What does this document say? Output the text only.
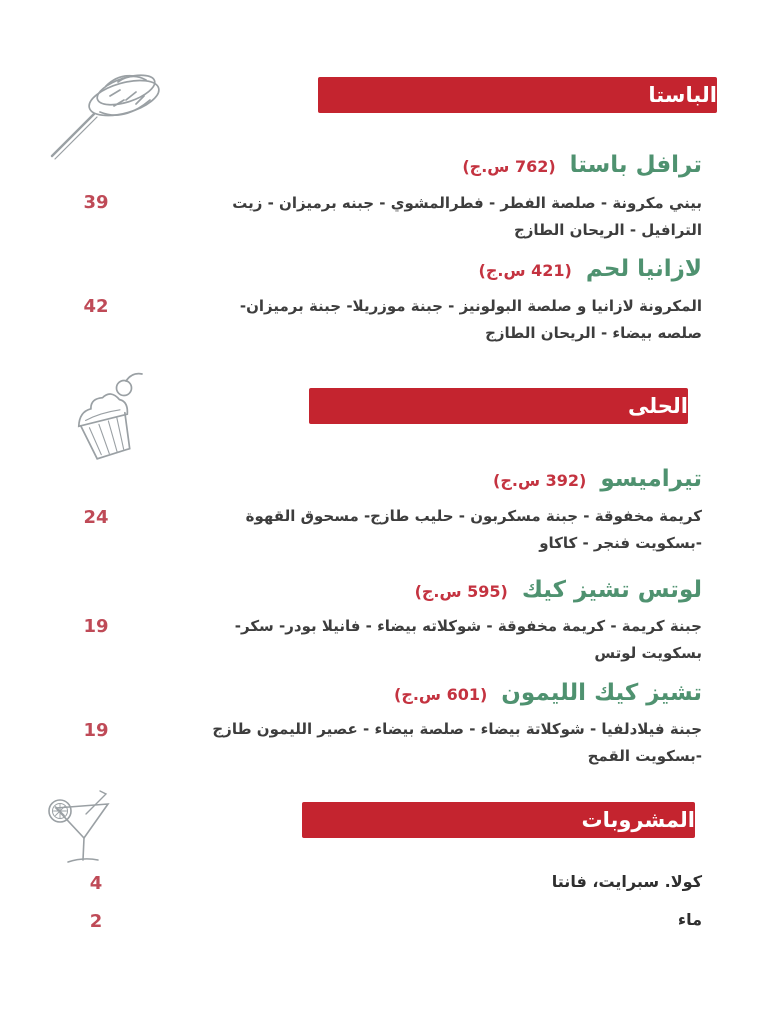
الباستا
ترافل باستا
(762 س.ج)
بيني مكرونة - صلصة الفطر - فطرالمشوي - جبنه برميزان - زيت الترافيل - الريحان الطازج
39
لازانيا لحم
(421 س.ج)
المكرونة لازانيا و صلصة البولونيز - جبنة موزريلا- جبنة برميزان- صلصه بيضاء - الريحان الطازج
42
الحلى
تيراميسو
(392 س.ج)
كريمة مخفوقة - جبنة مسكربون - حليب طازج- مسحوق القهوة -بسكويت فنجر - كاكاو
24
لوتس تشيز كيك
(595 س.ج)
جبنة كريمة - كريمة مخفوقة - شوكلاته بيضاء - فانيلا بودر- سكر- بسكويت لوتس
19
تشيز كيك الليمون
(601 س.ج)
جبنة فيلادلفيا - شوكلاتة بيضاء - صلصة بيضاء - عصير الليمون طازج -بسكويت القمح
19
المشروبات
كولا. سبرايت، فانتا
4
ماء
2
